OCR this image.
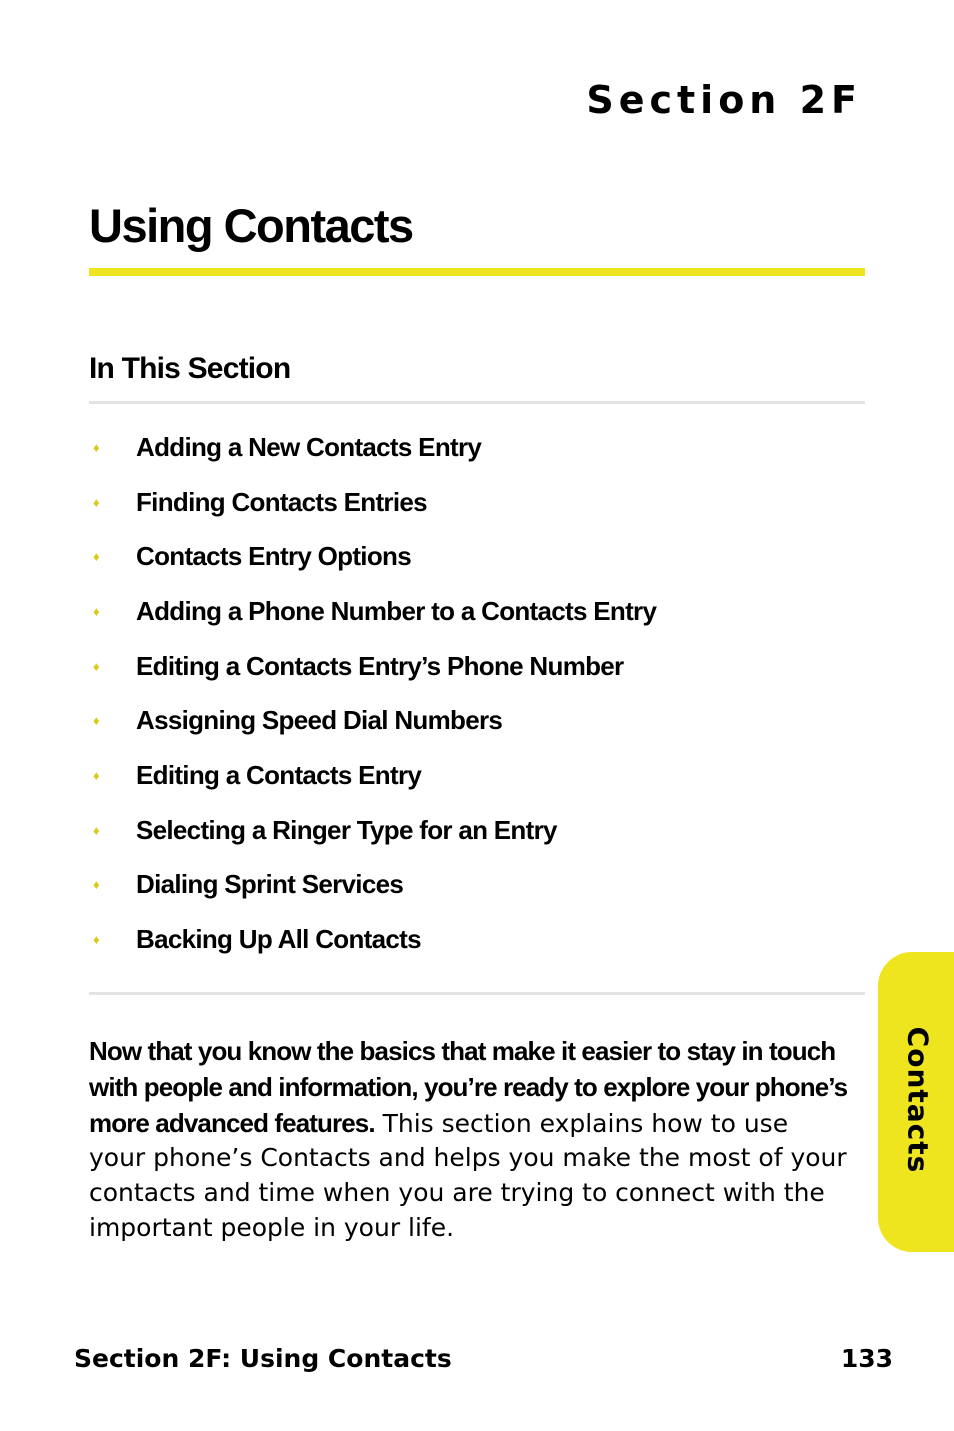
Section 2F
Using Contacts
In This Section
♦	Adding a New Contacts Entry
♦	Finding Contacts Entries
♦	Contacts Entry Options
♦	Adding a Phone Number to a Contacts Entry
♦	Editing a Contacts Entry’s Phone Number
♦	Assigning Speed Dial Numbers
♦	Editing a Contacts Entry
♦	Selecting a Ringer Type for an Entry
♦	Dialing Sprint Services
♦	Backing Up All Contacts

Now that you know the basics that make it easier to stay in touch with people and information, you’re ready to explore your phone’s more advanced features. This section explains how to use your phone’s Contacts and helps you make the most of your contacts and time when you are trying to connect with the important people in your life.

Contacts
Section 2F: Using Contacts	133
